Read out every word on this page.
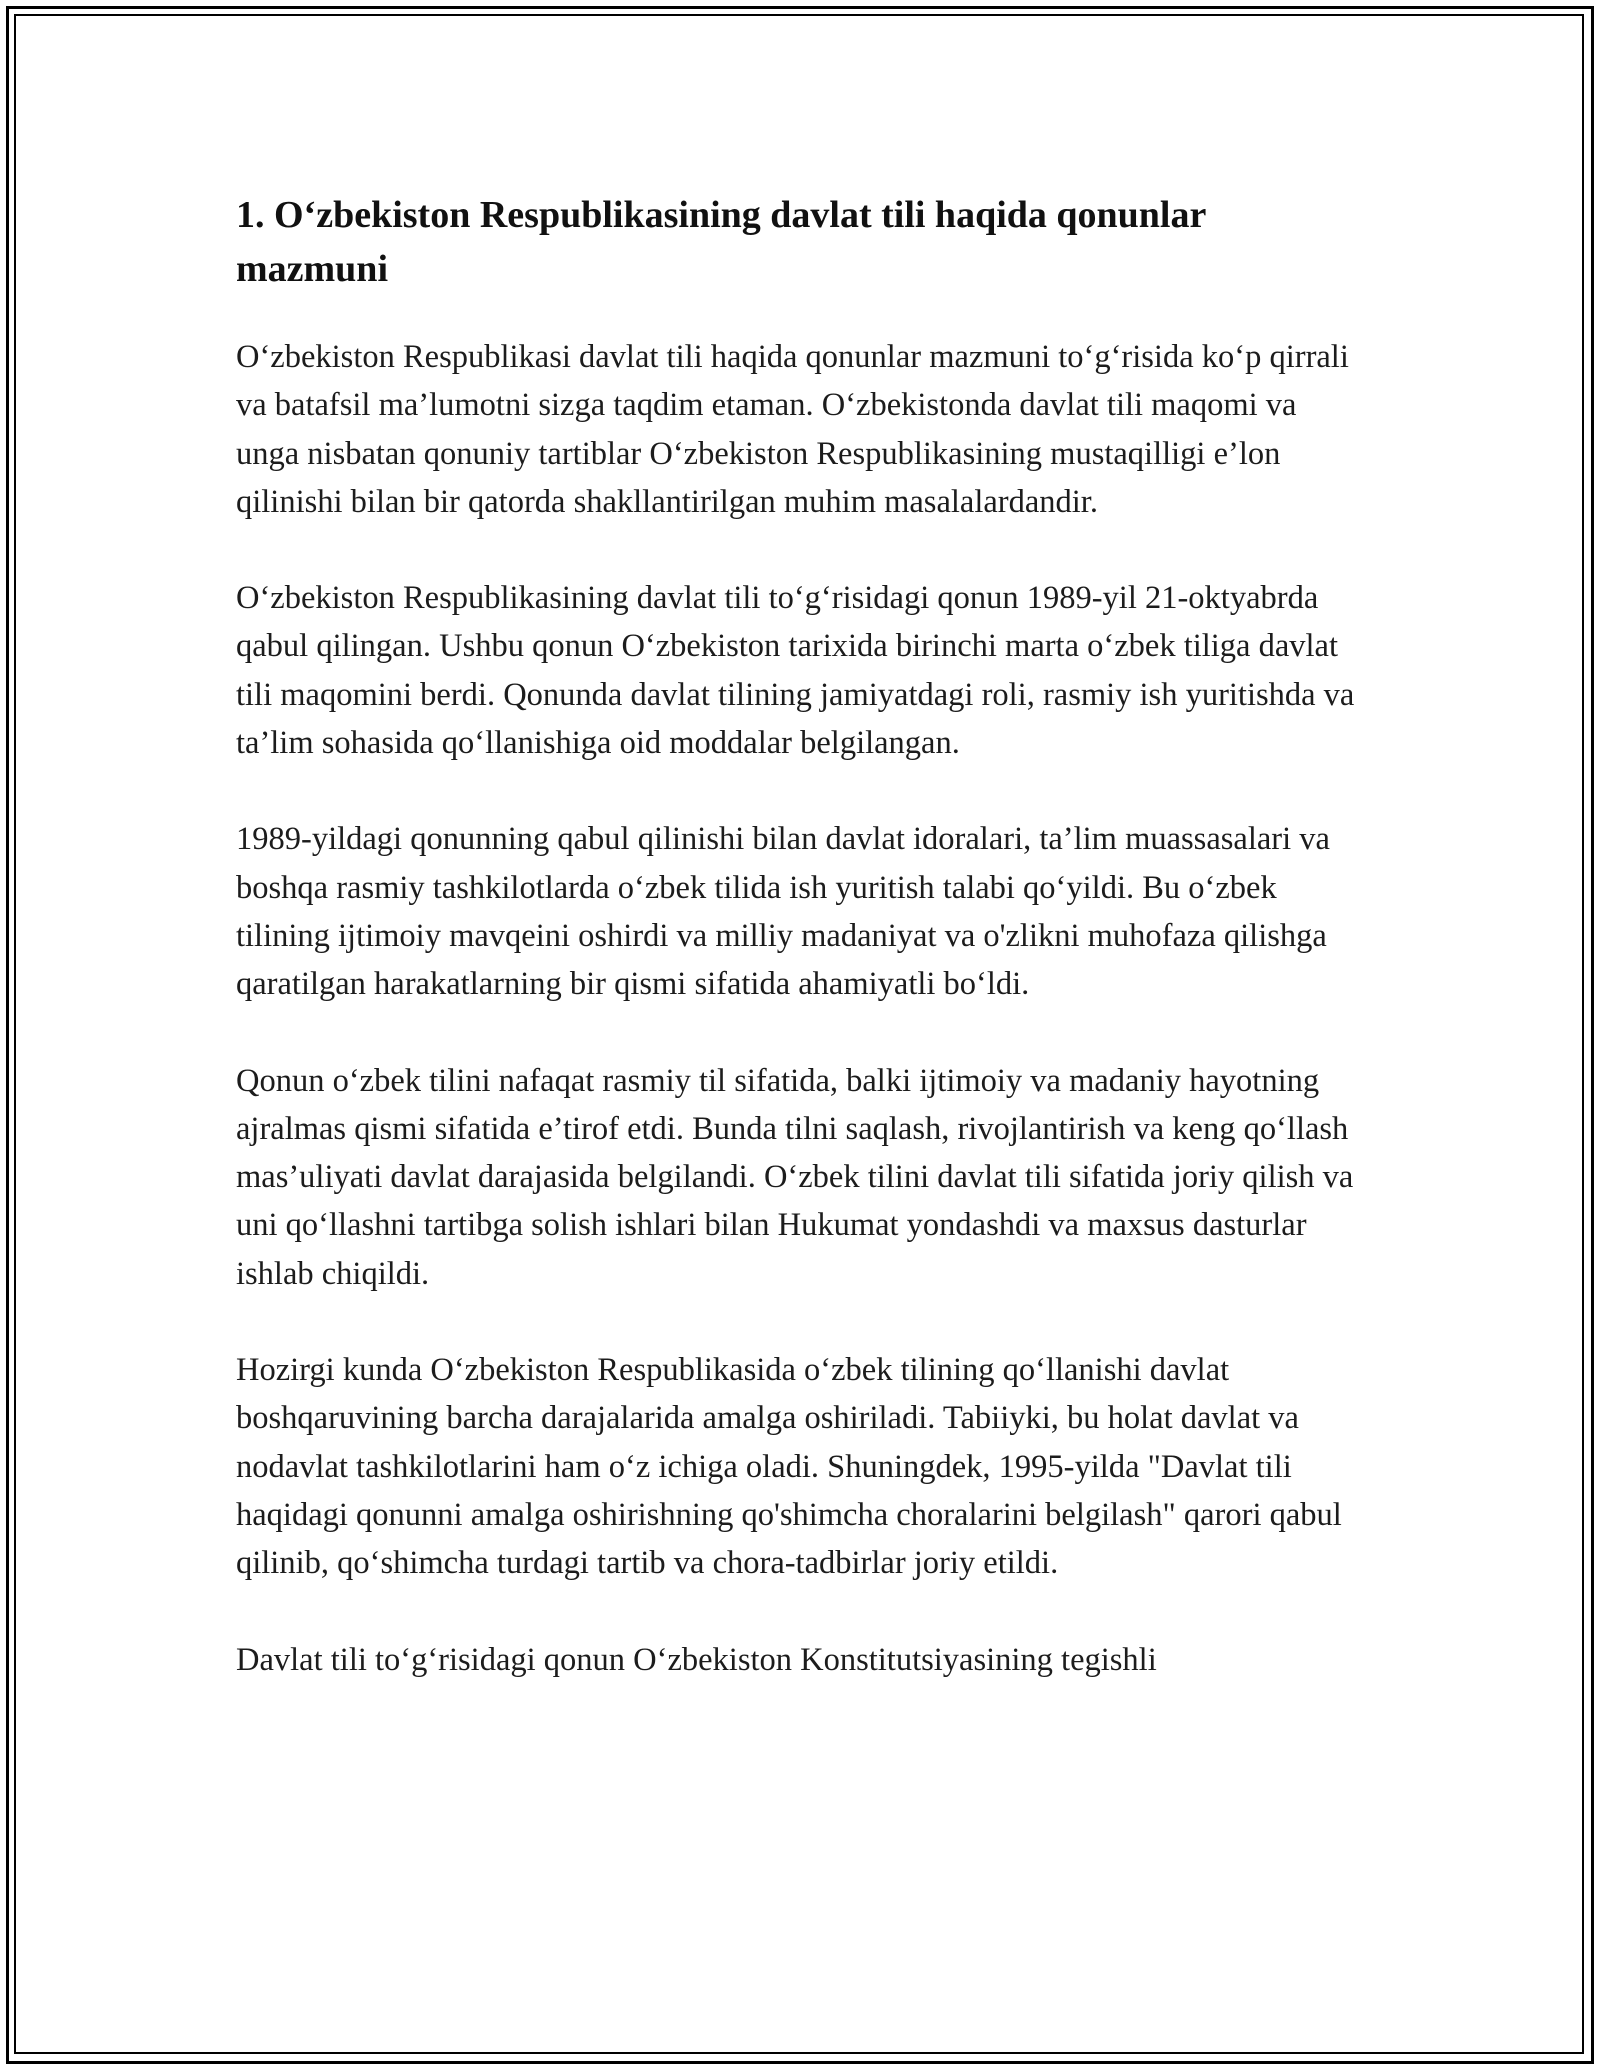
1. O‘zbekiston Respublikasining davlat tili haqida qonunlar mazmuni

O‘zbekiston Respublikasi davlat tili haqida qonunlar mazmuni to‘g‘risida ko‘p qirrali va batafsil ma’lumotni sizga taqdim etaman. O‘zbekistonda davlat tili maqomi va unga nisbatan qonuniy tartiblar O‘zbekiston Respublikasining mustaqilligi e’lon qilinishi bilan bir qatorda shakllantirilgan muhim masalalardandir.

O‘zbekiston Respublikasining davlat tili to‘g‘risidagi qonun 1989-yil 21-oktyabrda qabul qilingan. Ushbu qonun O‘zbekiston tarixida birinchi marta o‘zbek tiliga davlat tili maqomini berdi. Qonunda davlat tilining jamiyatdagi roli, rasmiy ish yuritishda va ta’lim sohasida qo‘llanishiga oid moddalar belgilangan.

1989-yildagi qonunning qabul qilinishi bilan davlat idoralari, ta’lim muassasalari va boshqa rasmiy tashkilotlarda o‘zbek tilida ish yuritish talabi qo‘yildi. Bu o‘zbek tilining ijtimoiy mavqeini oshirdi va milliy madaniyat va o'zlikni muhofaza qilishga qaratilgan harakatlarning bir qismi sifatida ahamiyatli bo‘ldi.

Qonun o‘zbek tilini nafaqat rasmiy til sifatida, balki ijtimoiy va madaniy hayotning ajralmas qismi sifatida e’tirof etdi. Bunda tilni saqlash, rivojlantirish va keng qo‘llash mas’uliyati davlat darajasida belgilandi. O‘zbek tilini davlat tili sifatida joriy qilish va uni qo‘llashni tartibga solish ishlari bilan Hukumat yondashdi va maxsus dasturlar ishlab chiqildi.

Hozirgi kunda O‘zbekiston Respublikasida o‘zbek tilining qo‘llanishi davlat boshqaruvining barcha darajalarida amalga oshiriladi. Tabiiyki, bu holat davlat va nodavlat tashkilotlarini ham o‘z ichiga oladi. Shuningdek, 1995-yilda "Davlat tili haqidagi qonunni amalga oshirishning qo'shimcha choralarini belgilash" qarori qabul qilinib, qo‘shimcha turdagi tartib va chora-tadbirlar joriy etildi.

Davlat tili to‘g‘risidagi qonun O‘zbekiston Konstitutsiyasining tegishli
